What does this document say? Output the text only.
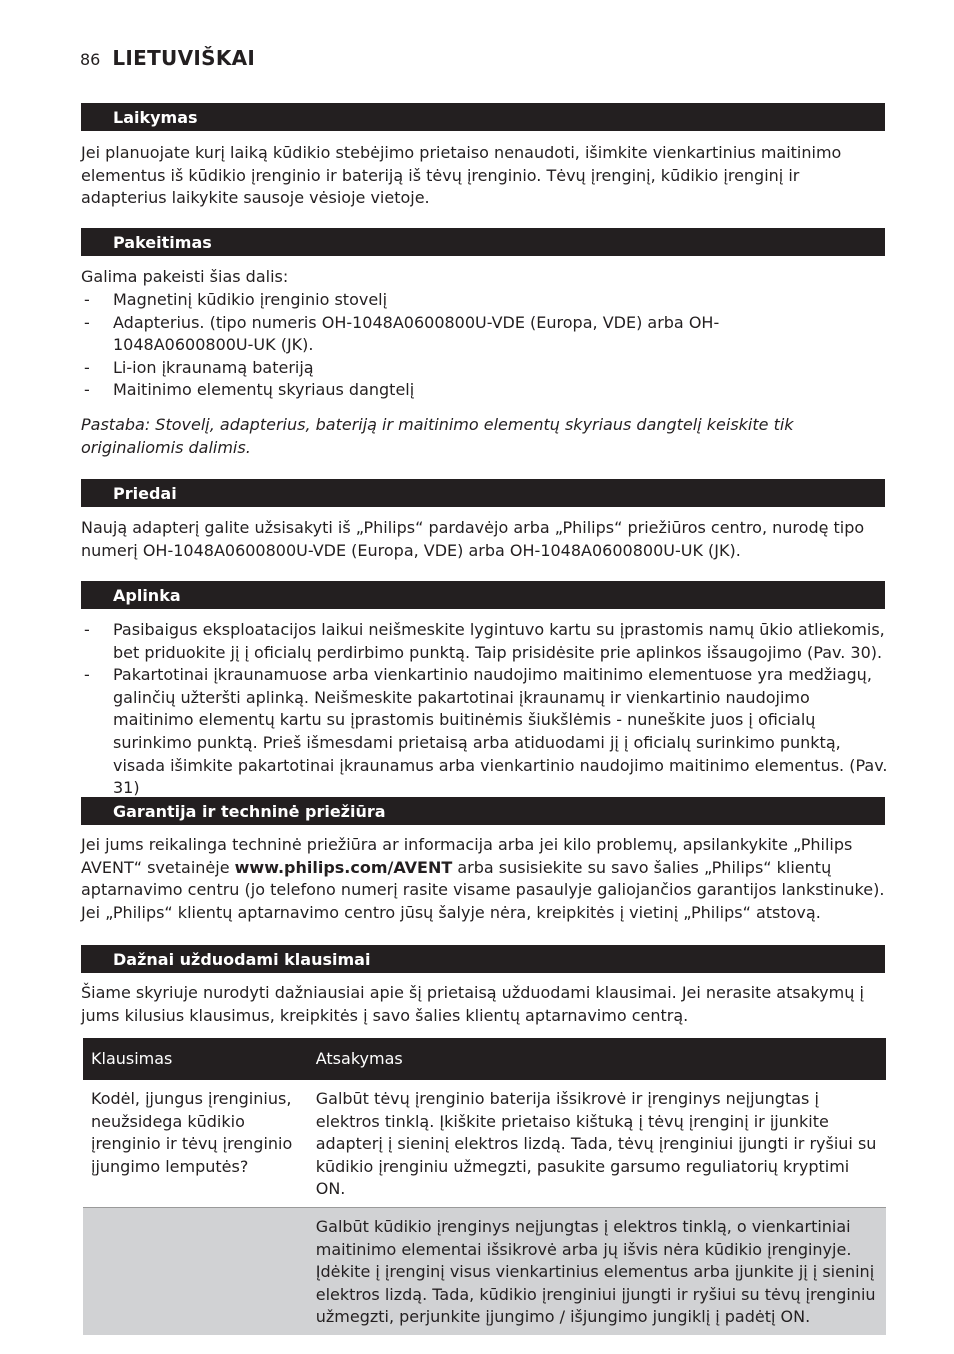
86 LIETUVIŠKAI
Laikymas

Jei planuojate kurį laiką kūdikio stebėjimo prietaiso nenaudoti, išimkite vienkartinius maitinimo elementus iš kūdikio įrenginio ir bateriją iš tėvų įrenginio. Tėvų įrenginį, kūdikio įrenginį ir adapterius laikykite sausoje vėsioje vietoje.

Pakeitimas

Galima pakeisti šias dalis:

- Magnetinį kūdikio įrenginio stovelį
- Adapterius. (tipo numeris OH-1048A0600800U-VDE (Europa, VDE) arba OH-1048A0600800U-UK (JK).
- Li-ion įkraunamą bateriją
- Maitinimo elementų skyriaus dangtelį

Pastaba: Stovelį, adapterius, bateriją ir maitinimo elementų skyriaus dangtelį keiskite tik originaliomis dalimis.

Priedai

Naują adapterį galite užsisakyti iš „Philips“ pardavėjo arba „Philips“ priežiūros centro, nurodę tipo numerį OH-1048A0600800U-VDE (Europa, VDE) arba OH-1048A0600800U-UK (JK).

Aplinka
- Pasibaigus eksploatacijos laikui neišmeskite lygintuvo kartu su įprastomis namų ūkio atliekomis, bet priduokite jį į oficialų perdirbimo punktą. Taip prisidėsite prie aplinkos išsaugojimo (Pav. 30).
- Pakartotinai įkraunamuose arba vienkartinio naudojimo maitinimo elementuose yra medžiagų, galinčių užteršti aplinką. Neišmeskite pakartotinai įkraunamų ir vienkartinio naudojimo maitinimo elementų kartu su įprastomis buitinėmis šiukšlėmis - nuneškite juos į oficialų surinkimo punktą. Prieš išmesdami prietaisą arba atiduodami jį į oficialų surinkimo punktą, visada išimkite pakartotinai įkraunamus arba vienkartinio naudojimo maitinimo elementus. (Pav. 31)
Garantija ir techninė priežiūra

Jei jums reikalinga techninė priežiūra ar informacija arba jei kilo problemų, apsilankykite „Philips AVENT“ svetainėje www.philips.com/AVENT arba susisiekite su savo šalies „Philips“ klientų aptarnavimo centru (jo telefono numerį rasite visame pasaulyje galiojančios garantijos lankstinuke). Jei „Philips“ klientų aptarnavimo centro jūsų šalyje nėra, kreipkitės į vietinį „Philips“ atstovą.

Dažnai užduodami klausimai

Šiame skyriuje nurodyti dažniausiai apie šį prietaisą užduodami klausimai. Jei nerasite atsakymų į jums kilusius klausimus, kreipkitės į savo šalies klientų aptarnavimo centrą.

Klausimas	Atsakymas
Kodėl, įjungus įrenginius, neužsidega kūdikio įrenginio ir tėvų įrenginio įjungimo lemputės?	Galbūt tėvų įrenginio baterija išsikrovė ir įrenginys neįjungtas į elektros tinklą. Įkiškite prietaiso kištuką į tėvų įrenginį ir įjunkite adapterį į sieninį elektros lizdą. Tada, tėvų įrenginiui įjungti ir ryšiui su kūdikio įrenginiu užmegzti, pasukite garsumo reguliatorių kryptimi ON.
	Galbūt kūdikio įrenginys neįjungtas į elektros tinklą, o vienkartiniai maitinimo elementai išsikrovė arba jų išvis nėra kūdikio įrenginyje. Įdėkite į įrenginį visus vienkartinius elementus arba įjunkite jį į sieninį elektros lizdą. Tada, kūdikio įrenginiui įjungti ir ryšiui su tėvų įrenginiu užmegzti, perjunkite įjungimo / išjungimo jungiklį į padėtį ON.
